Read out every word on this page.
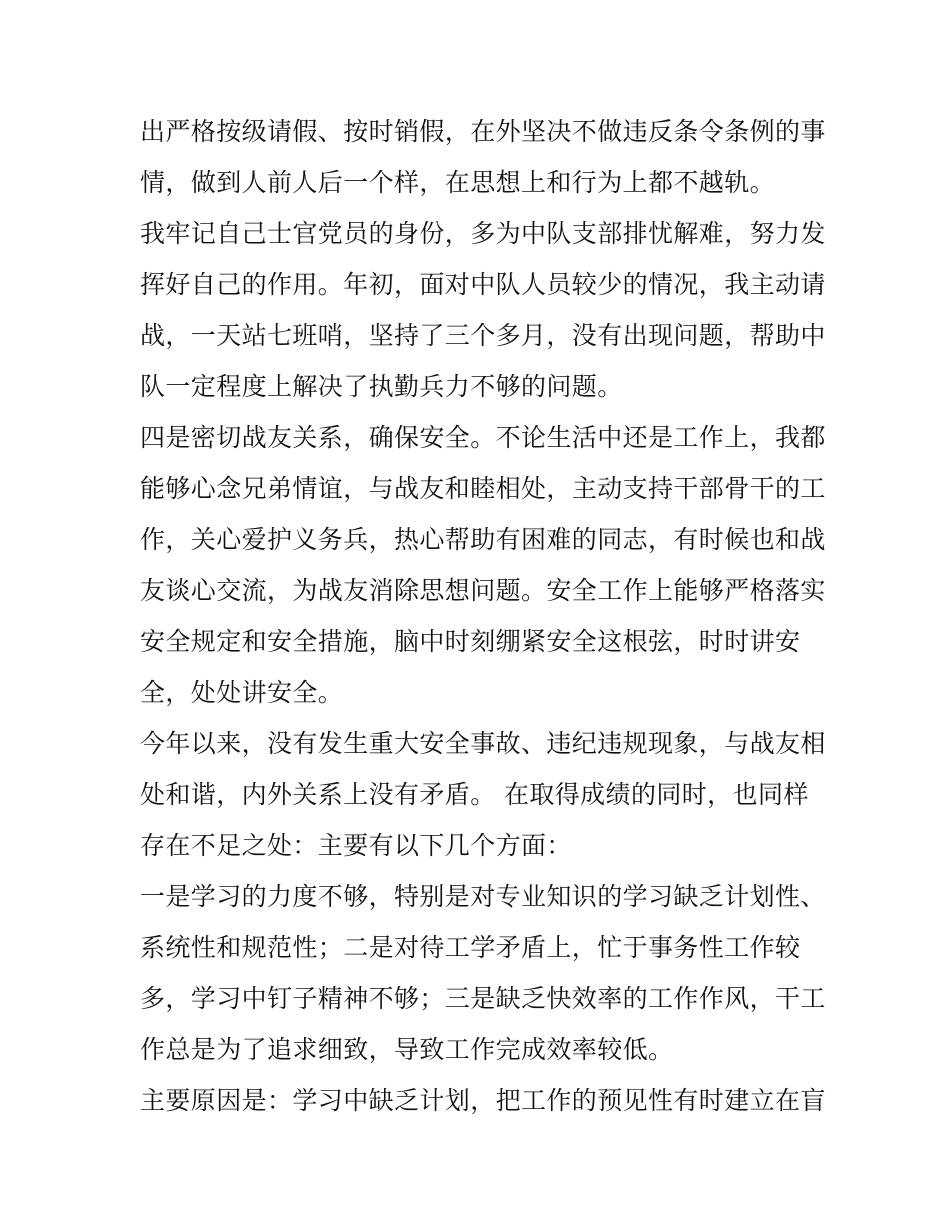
出严格按级请假、按时销假，在外坚决不做违反条令条例的事
情，做到人前人后一个样，在思想上和行为上都不越轨。
我牢记自己士官党员的身份，多为中队支部排忧解难，努力发
挥好自己的作用。年初，面对中队人员较少的情况，我主动请
战，一天站七班哨，坚持了三个多月，没有出现问题，帮助中
队一定程度上解决了执勤兵力不够的问题。
四是密切战友关系，确保安全。不论生活中还是工作上，我都
能够心念兄弟情谊，与战友和睦相处，主动支持干部骨干的工
作，关心爱护义务兵，热心帮助有困难的同志，有时候也和战
友谈心交流，为战友消除思想问题。安全工作上能够严格落实
安全规定和安全措施，脑中时刻绷紧安全这根弦，时时讲安
全，处处讲安全。
今年以来，没有发生重大安全事故、违纪违规现象，与战友相
处和谐，内外关系上没有矛盾。 在取得成绩的同时，也同样
存在不足之处：主要有以下几个方面：
一是学习的力度不够，特别是对专业知识的学习缺乏计划性、
系统性和规范性；二是对待工学矛盾上，忙于事务性工作较
多，学习中钉子精神不够；三是缺乏快效率的工作作风，干工
作总是为了追求细致，导致工作完成效率较低。
主要原因是：学习中缺乏计划，把工作的预见性有时建立在盲
